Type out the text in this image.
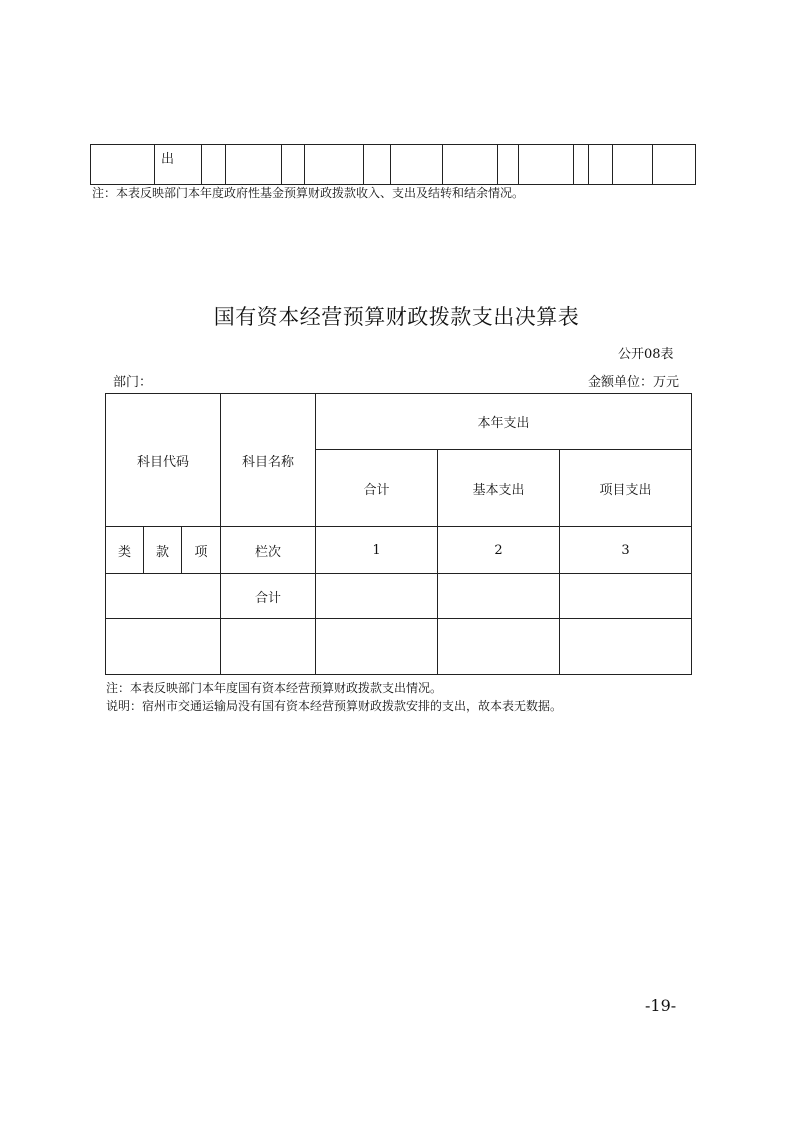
	出													
注：本表反映部门本年度政府性基金预算财政拨款收入、支出及结转和结余情况。
国有资本经营预算财政拨款支出决算表
公开08表
部门：	金额单位：万元
科目代码			科目名称	本年支出		
				合计	基本支出	项目支出
类	款	项	栏次	1	2	3
			合计			

注：本表反映部门本年度国有资本经营预算财政拨款支出情况。
说明：宿州市交通运输局没有国有资本经营预算财政拨款安排的支出，故本表无数据。
-19-
